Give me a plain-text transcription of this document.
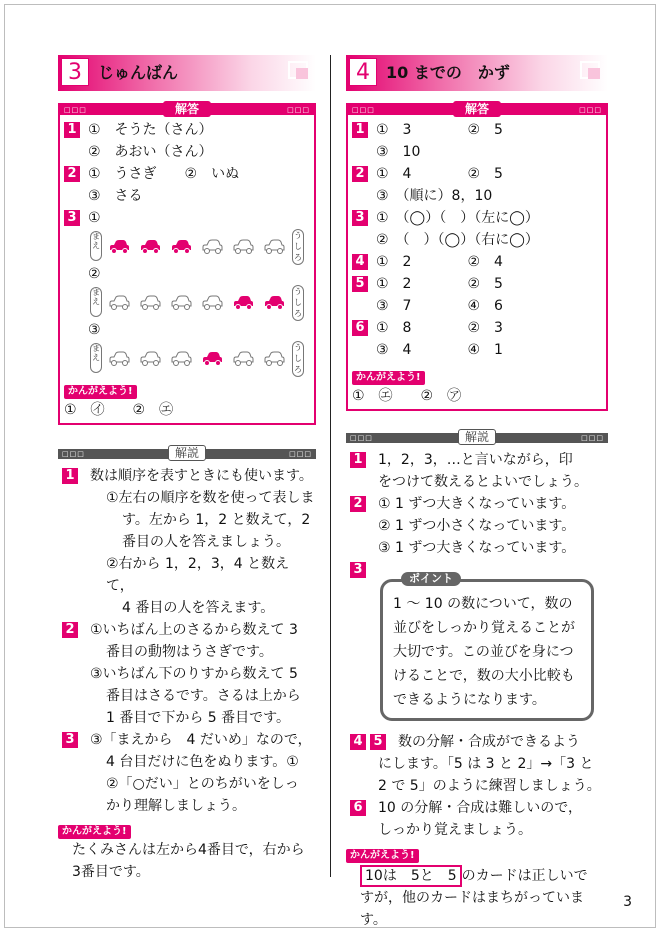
3	じゅんばん
□□□	解答	□□□
1 ①　そうた（さん）
②　あおい（さん）
2 ①　うさぎ　　②　いぬ
③　さる
3 ①
ま
え
う
し
ろ
②
ま
え
う
し
ろ
③
ま
え
う
し
ろ
かんがえよう!
①　㋑　　②　㋓
□□□	解説	□□□
1	数は順序を表すときにも使います。
①左右の順序を数を使って表しま
す。左から 1，2 と数えて，2
番目の人を答えましょう。
②右から 1，2，3，4 と数えて，
4 番目の人を答えます。
2	①いちばん上のさるから数えて 3
番目の動物はうさぎです。
③いちばん下のりすから数えて 5
番目はさるです。さるは上から
1 番目で下から 5 番目です。
3	③「まえから　4 だいめ」なので，
4 台目だけに色をぬります。①
②「○だい」とのちがいをしっ
かり理解しましょう。
かんがえよう!
たくみさんは左から4番目で，右から
3番目です。
4	10 までの　かず
□□□	解答	□□□
1 ①　3　　　　②　5
③　10
2 ①　4　　　　②　5
③　（順に）8，10
3 ①　（◯）（　）（左に◯）
②　（　）（◯）（右に◯）
4 ①　2　　　　②　4
5 ①　2　　　　②　5
③　7　　　　④　6
6 ①　8　　　　②　3
③　4　　　　④　1
かんがえよう!
①　㋓　　②　㋐
□□□	解説	□□□
1	1，2，3，…と言いながら，印
をつけて数えるとよいでしょう。
2	① 1 ずつ大きくなっています。
② 1 ずつ小さくなっています。
③ 1 ずつ大きくなっています。
3
ポイント
1 ～ 10 の数について，数の
並びをしっかり覚えることが
大切です。この並びを身につ
けることで，数の大小比較も
できるようになります。
4 5	数の分解・合成ができるよう
にします。「5 は 3 と 2」→「3 と
2 で 5」のように練習しましょう。
6	10 の分解・合成は難しいので，
しっかり覚えましょう。
かんがえよう!
10は　5と　5 のカードは正しいで
すが，他のカードはまちがっています。
3
